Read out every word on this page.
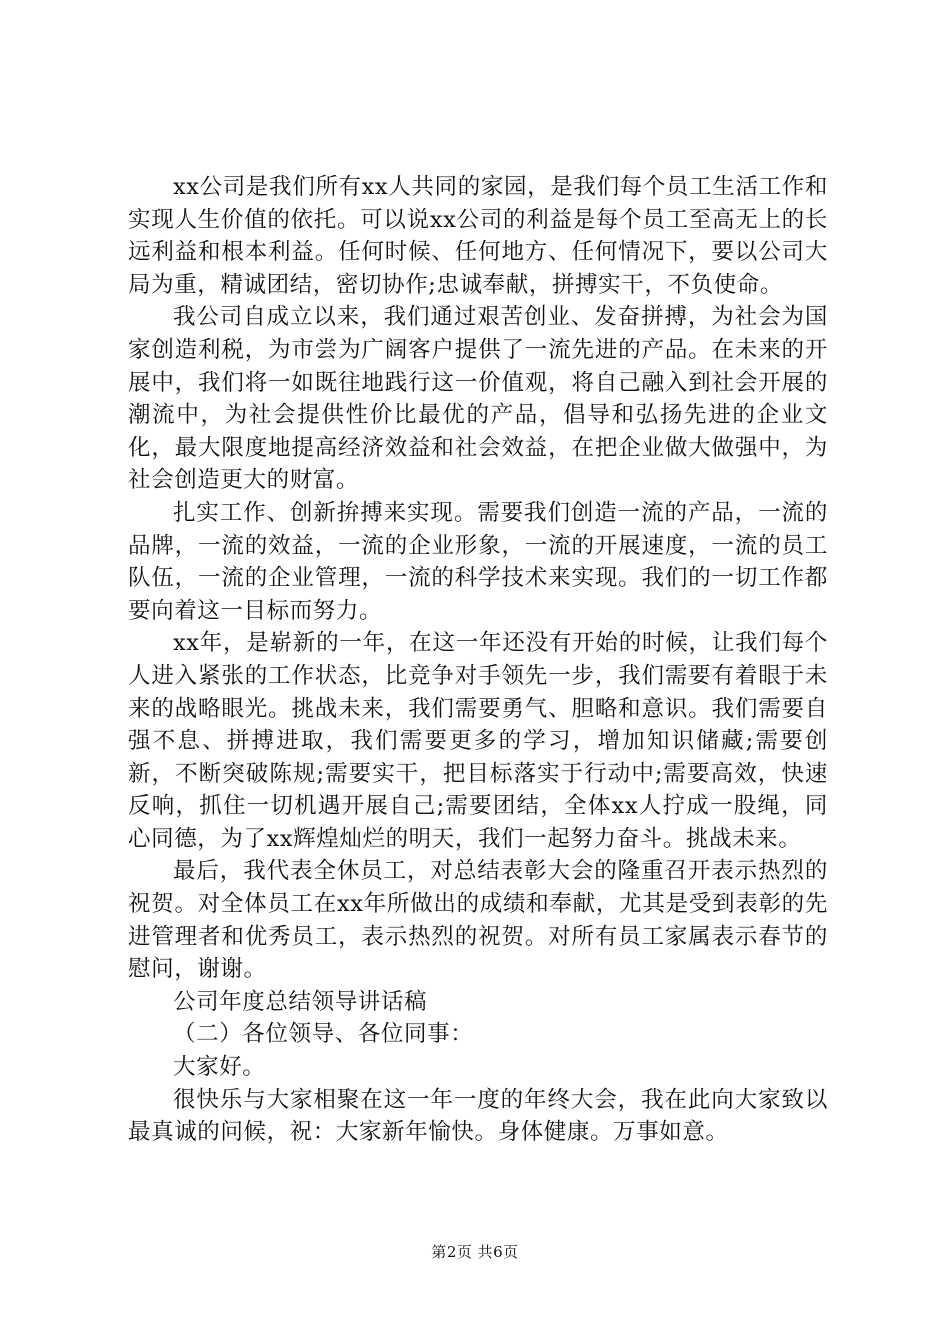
xx公司是我们所有xx人共同的家园，是我们每个员工生活工作和实现人生价值的依托。可以说xx公司的利益是每个员工至高无上的长远利益和根本利益。任何时候、任何地方、任何情况下，要以公司大局为重，精诚团结，密切协作;忠诚奉献，拼搏实干，不负使命。

我公司自成立以来，我们通过艰苦创业、发奋拼搏，为社会为国家创造利税，为市尝为广阔客户提供了一流先进的产品。在未来的开展中，我们将一如既往地践行这一价值观，将自己融入到社会开展的潮流中，为社会提供性价比最优的产品，倡导和弘扬先进的企业文化，最大限度地提高经济效益和社会效益，在把企业做大做强中，为社会创造更大的财富。

扎实工作、创新拚搏来实现。需要我们创造一流的产品，一流的品牌，一流的效益，一流的企业形象，一流的开展速度，一流的员工队伍，一流的企业管理，一流的科学技术来实现。我们的一切工作都要向着这一目标而努力。

xx年，是崭新的一年，在这一年还没有开始的时候，让我们每个人进入紧张的工作状态，比竞争对手领先一步，我们需要有着眼于未来的战略眼光。挑战未来，我们需要勇气、胆略和意识。我们需要自强不息、拼搏进取，我们需要更多的学习，增加知识储藏;需要创新，不断突破陈规;需要实干，把目标落实于行动中;需要高效，快速反响，抓住一切机遇开展自己;需要团结，全体xx人拧成一股绳，同心同德，为了xx辉煌灿烂的明天，我们一起努力奋斗。挑战未来。

最后，我代表全休员工，对总结表彰大会的隆重召开表示热烈的祝贺。对全体员工在xx年所做出的成绩和奉献，尤其是受到表彰的先进管理者和优秀员工，表示热烈的祝贺。对所有员工家属表示春节的慰问，谢谢。

公司年度总结领导讲话稿

（二）各位领导、各位同事：

大家好。

很快乐与大家相聚在这一年一度的年终大会，我在此向大家致以最真诚的问候，祝：大家新年愉快。身体健康。万事如意。

第2页 共6页
